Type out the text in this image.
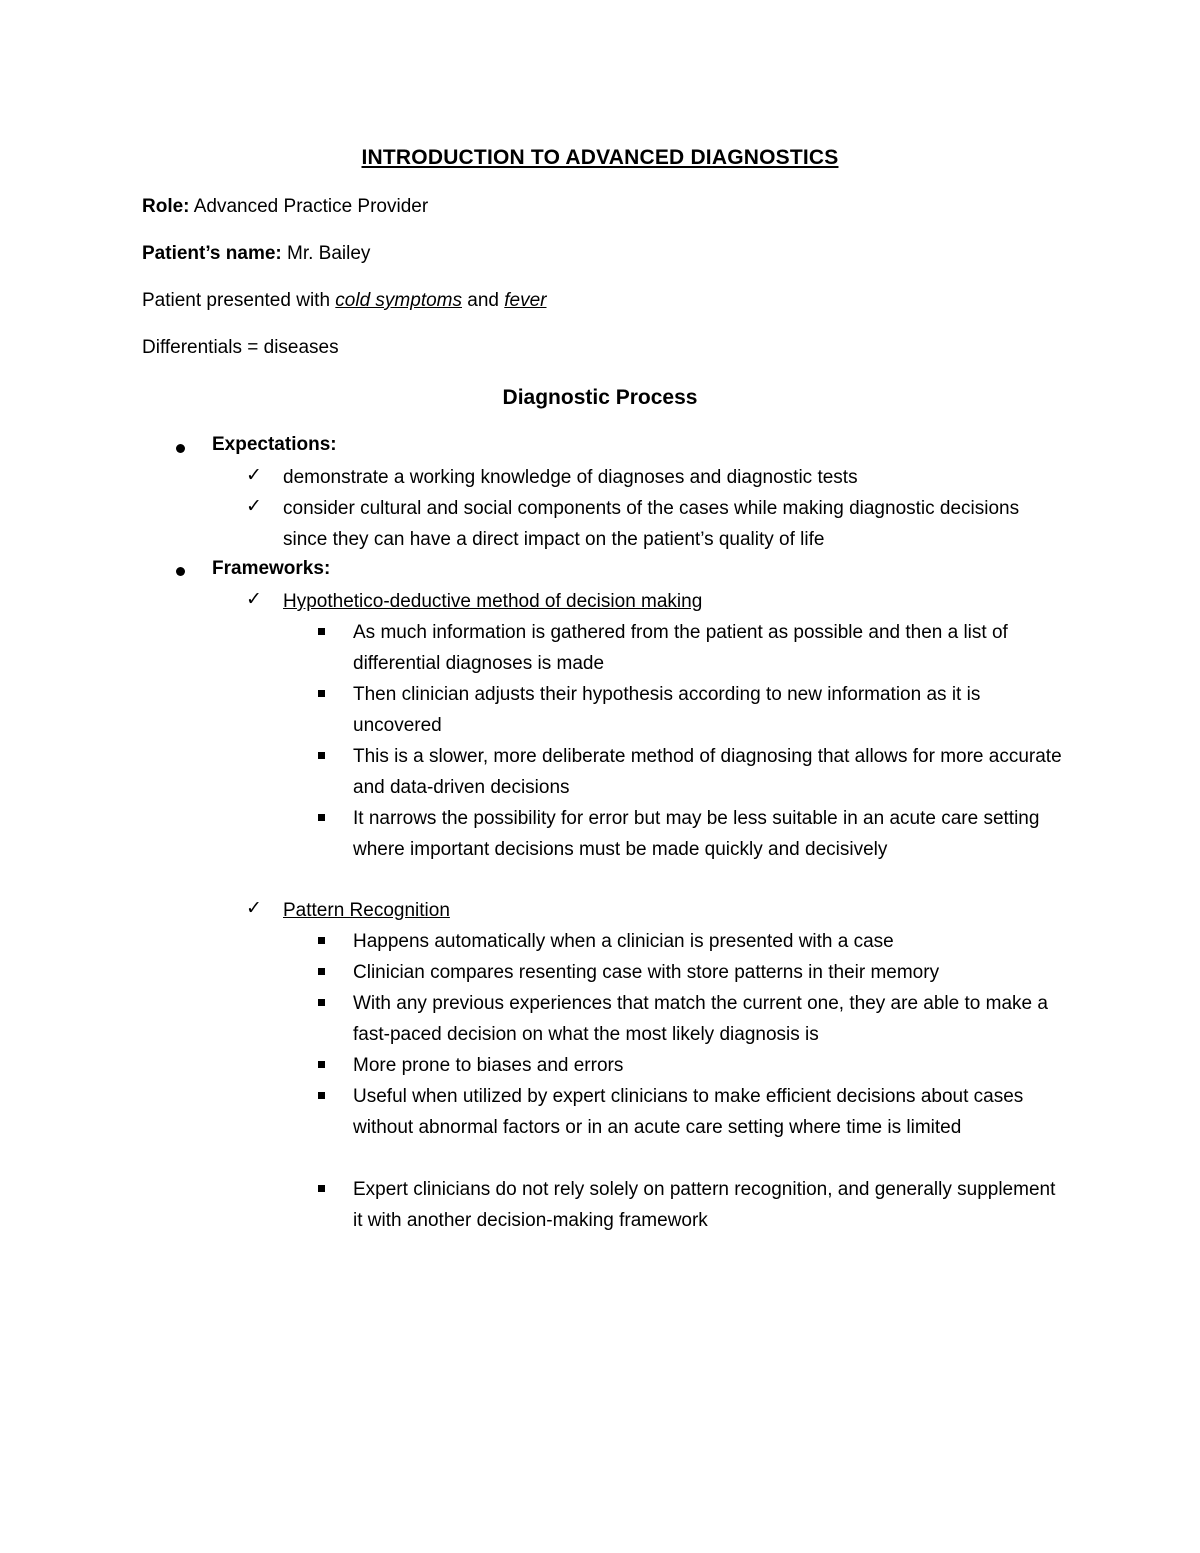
INTRODUCTION TO ADVANCED DIAGNOSTICS
Role: Advanced Practice Provider
Patient’s name: Mr. Bailey
Patient presented with cold symptoms and fever
Differentials = diseases
Diagnostic Process
Expectations:
✓ demonstrate a working knowledge of diagnoses and diagnostic tests
✓ consider cultural and social components of the cases while making diagnostic decisions since they can have a direct impact on the patient’s quality of life
Frameworks:
✓ Hypothetico-deductive method of decision making
As much information is gathered from the patient as possible and then a list of differential diagnoses is made
Then clinician adjusts their hypothesis according to new information as it is uncovered
This is a slower, more deliberate method of diagnosing that allows for more accurate and data-driven decisions
It narrows the possibility for error but may be less suitable in an acute care setting where important decisions must be made quickly and decisively
✓ Pattern Recognition
Happens automatically when a clinician is presented with a case
Clinician compares resenting case with store patterns in their memory
With any previous experiences that match the current one, they are able to make a fast-paced decision on what the most likely diagnosis is
More prone to biases and errors
Useful when utilized by expert clinicians to make efficient decisions about cases without abnormal factors or in an acute care setting where time is limited
Expert clinicians do not rely solely on pattern recognition, and generally supplement it with another decision-making framework
